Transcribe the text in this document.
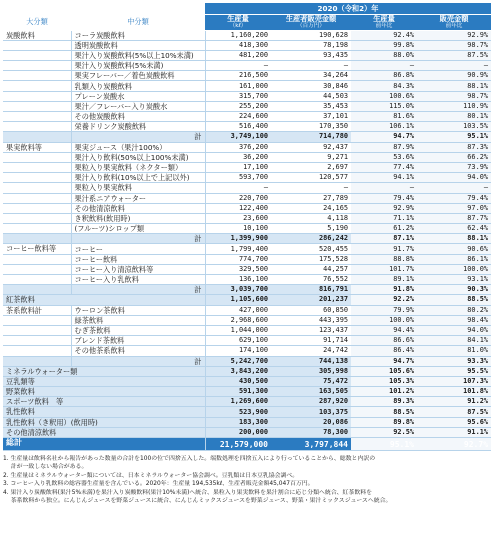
		2020（令和2）年			
大分類	中分類	生産量
（kℓ）	生産者販売金額
（百万円）	生産量
前年比	販売金額
前年比

炭酸飲料	コーラ炭酸飲料	1,160,200	190,628	92.4%	92.9%
	透明炭酸飲料	418,300	78,198	99.8%	98.7%
	果汁入り炭酸飲料(5%以上10%未満)	481,200	93,435	88.0%	87.5%
	果汁入り炭酸飲料(5%未満)	—	—	—	—
	果実フレーバー／着色炭酸飲料	216,500	34,264	86.8%	90.9%
	乳類入り炭酸飲料	161,000	30,846	84.3%	88.1%
	プレーン炭酸水	315,700	44,503	100.6%	98.7%
	果汁／フレーバー入り炭酸水	255,200	35,453	115.0%	110.9%
	その他炭酸飲料	224,600	37,101	81.6%	80.1%
	栄養ドリンク炭酸飲料	516,400	170,350	106.1%	103.5%
	計	3,749,100	714,780	94.7%	95.1%
果実飲料等	果実ジュース（果汁100%）	376,200	92,437	87.9%	87.3%
	果汁入り飲料(50%以上100%未満)	36,200	9,271	53.6%	66.2%
	果粒入り果実飲料（ネクター類）	17,100	2,697	77.4%	73.9%
	果汁入り飲料(10%以上で上記以外)	593,700	120,577	94.1%	94.0%
	果粒入り果実飲料	—	—	—	—
	果汁系ニアウォーター	220,700	27,789	79.4%	79.4%
	その他清涼飲料	122,400	24,165	92.9%	97.0%
	き釈飲料(飲用時)	23,600	4,118	71.1%	87.7%
	(フルーツ)シロップ類	10,100	5,190	61.2%	62.4%
	計	1,399,900	286,242	87.1%	88.1%
コーヒー飲料等	コーヒー	1,799,400	520,455	91.7%	90.6%
	コーヒー飲料	774,700	175,528	88.8%	86.1%
	コーヒー入り清涼飲料等	329,500	44,257	101.7%	100.0%
	コーヒー入り乳飲料	136,100	76,552	89.1%	93.1%
	計	3,039,700	816,791	91.8%	90.3%
紅茶飲料		1,105,600	201,237	92.2%	88.5%
茶系飲料計	ウーロン茶飲料	427,000	60,850	79.9%	80.2%
	緑茶飲料	2,968,600	443,395	100.0%	98.4%
	むぎ茶飲料	1,044,000	123,437	94.4%	94.0%
	ブレンド茶飲料	629,100	91,714	86.6%	84.1%
	その他茶系飲料	174,100	24,742	86.4%	81.0%
	計	5,242,700	744,138	94.7%	93.3%
ミネラルウォーター類		3,843,200	305,998	105.6%	95.5%
豆乳類等		430,500	75,472	105.3%	107.3%
野菜飲料		591,300	163,505	101.2%	101.8%
スポーツ飲料　等		1,269,600	287,920	89.3%	91.2%
乳性飲料		523,900	103,375	88.5%	87.5%
乳性飲料（き釈用）(飲用時)		183,300	20,086	89.8%	95.6%
その他清涼飲料		200,000	78,300	92.5%	91.1%
総計		21,579,000	3,797,844	95.1%	92.7%
1. 生産量は飲料名社から報告があった数量の合計を100の位で四捨五入した。端数処理を四捨五入により行っていることから、総数と内訳の
　 計が一致しない場合がある。
2. 生産量はミネラルウォーター類については、日本ミネラルウォーター協会調べ。豆乳類は日本豆乳協会調べ。
3. コーヒー入り乳飲料の総容器生産量を含んでいる。2020年：生産量 194,535kℓ、生産者販売金額45,047百万円。
4. 果汁入り炭酸飲料(果汁5%未満)を果汁入り炭酸飲料(果汁10%未満)へ統合、果粒入り果実飲料を果汁割合に応じ分類へ統合、紅茶飲料を
　 茶系飲料から独立。にんじんジュースを野菜ジュースに統合、にんじんミックスジュースを野菜ジュース、野菜・果汁ミックスジュースへ統合。
